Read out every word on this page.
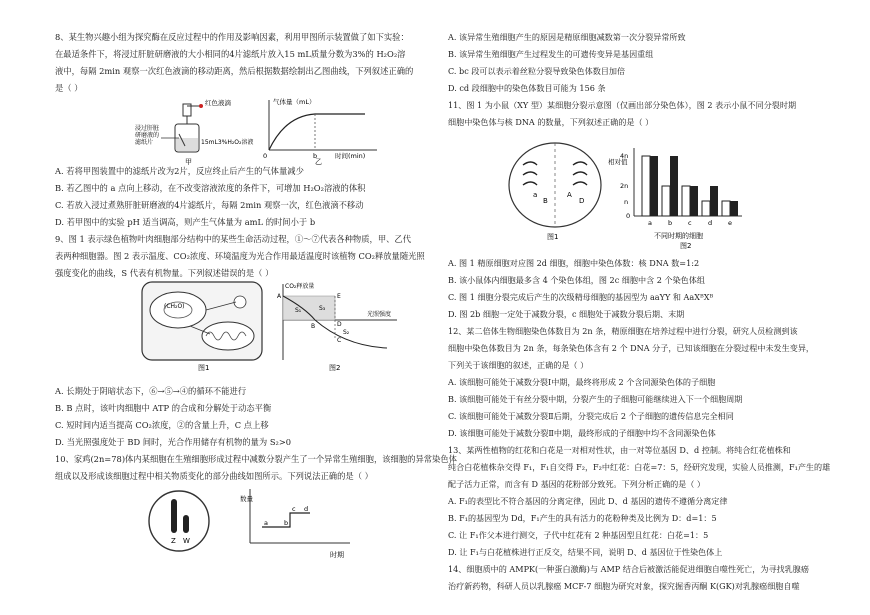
8、某生物兴趣小组为探究酶在反应过程中的作用及影响因素，利用甲图所示装置做了如下实验：
在最适条件下，将浸过肝脏研磨液的大小相同的4片滤纸片放入15 mL质量分数为3%的 H₂O₂溶
液中，每隔 2min 观察一次红色液滴的移动距离，然后根据数据绘制出乙图曲线，下列叙述正确的
是（ ）
红色液滴
浸过肝脏
研磨液的
滤纸片	15mL3%H₂O₂溶液
甲
气体量（mL）
时间(min)
0	b
乙
A. 若将甲图装置中的滤纸片改为2片，反应终止后产生的气体量减少
B. 若乙图中的 a 点向上移动，在不改变溶液浓度的条件下，可增加 H₂O₂溶液的体积
C. 若放入浸过煮熟肝脏研磨液的4片滤纸片，每隔 2min 观察一次，红色液滴不移动
D. 若甲图中的实验 pH 适当调高，则产生气体量为 amL 的时间小于 b
9、图 1 表示绿色植物叶肉细胞部分结构中的某些生命活动过程，①～⑦代表各种物质，甲、乙代
表两种细胞器。图 2 表示温度、CO₂浓度、环境温度为光合作用最适温度时该植物 CO₂释放量随光照
强度变化的曲线，S 代表有机物量。下列叙述错误的是（ ）
(CH₂O)
图1
CO₂释放量
光照强度
A
B
C
D
E
S₁	S₃
S₂
图2
A. 长期处于阴暗状态下，⑥→⑤→④的循环不能进行
B. B 点时，该叶肉细胞中 ATP 的合成和分解处于动态平衡
C. 短时间内适当提高 CO₂浓度，②的含量上升，C 点上移
D. 当光照强度处于 BD 间时，光合作用储存有机物的量为 S₂>0
10、家鸡(2n=78)体内某细胞在生殖细胞形成过程中减数分裂产生了一个异常生殖细胞，该细胞的异常染色体
组成以及形成该细胞过程中相关物质变化的部分曲线如图所示。下列说法正确的是（ ）
Z W
数量
时期
a b
c d
A. 该异常生殖细胞产生的原因是精原细胞减数第一次分裂异常所致
B. 该异常生殖细胞产生过程发生的可遗传变异是基因重组
C. bc 段可以表示着丝粒分裂导致染色体数目加倍
D. cd 段细胞中的染色体数目可能为 156 条
11、图 1 为小鼠（XY 型）某细胞分裂示意图（仅画出部分染色体），图 2 表示小鼠不同分裂时期
细胞中染色体与核 DNA 的数量，下列叙述正确的是（ ）
a
B
A
D
图1
相对值
4n
2n
n
0
a b c	d e
不同时期的细胞
图2
A. 图 1 精原细胞对应图 2d 细胞，细胞中染色体数：核 DNA 数=1:2
B. 该小鼠体内细胞最多含 4 个染色体组，图 2c 细胞中含 2 个染色体组
C. 图 1 细胞分裂完成后产生的次级精母细胞的基因型为 aaYY 和 AaXᴮXᴮ
D. 图 2b 细胞一定处于减数分裂，c 细胞处于减数分裂后期、末期
12、某二倍体生物细胞染色体数目为 2n 条，精原细胞在培养过程中进行分裂，研究人员检测到该
细胞中染色体数目为 2n 条，每条染色体含有 2 个 DNA 分子，已知该细胞在分裂过程中未发生变异，
下列关于该细胞的叙述，正确的是（ ）
A. 该细胞可能处于减数分裂Ⅰ中期，最终将形成 2 个含同源染色体的子细胞
B. 该细胞可能处于有丝分裂中期，分裂产生的子细胞可能继续进入下一个细胞周期
C. 该细胞可能处于减数分裂Ⅱ后期，分裂完成后 2 个子细胞的遗传信息完全相同
D. 该细胞可能处于减数分裂Ⅱ中期，最终形成的子细胞中均不含同源染色体
13、某两性植物的红花和白花是一对相对性状，由一对等位基因 D、d 控制。将纯合红花植株和
纯合白花植株杂交得 F₁，F₁自交得 F₂，F₂中红花：白花=7：5，经研究发现，实验人员推测，F₁产生的雄
配子活力正常，而含有 D 基因的花粉部分致死。下列分析正确的是（ ）
A. F₁的表型比不符合基因的分离定律，因此 D、d 基因的遗传不遵循分离定律
B. F₁的基因型为 Dd，F₁产生的具有活力的花粉种类及比例为 D：d=1：5
C. 让 F₁作父本进行测交，子代中红花有 2 种基因型且红花：白花=1：5
D. 让 F₁与白花植株进行正反交，结果不同，说明 D、d 基因位于性染色体上
14、细胞质中的 AMPK(一种蛋白激酶)与 AMP 结合后被激活能促进细胞自噬性死亡，为寻找乳腺癌
治疗新药物，科研人员以乳腺癌 MCF-7 细胞为研究对象，探究掘香丙酮 K(GK)对乳腺癌细胞自噬
